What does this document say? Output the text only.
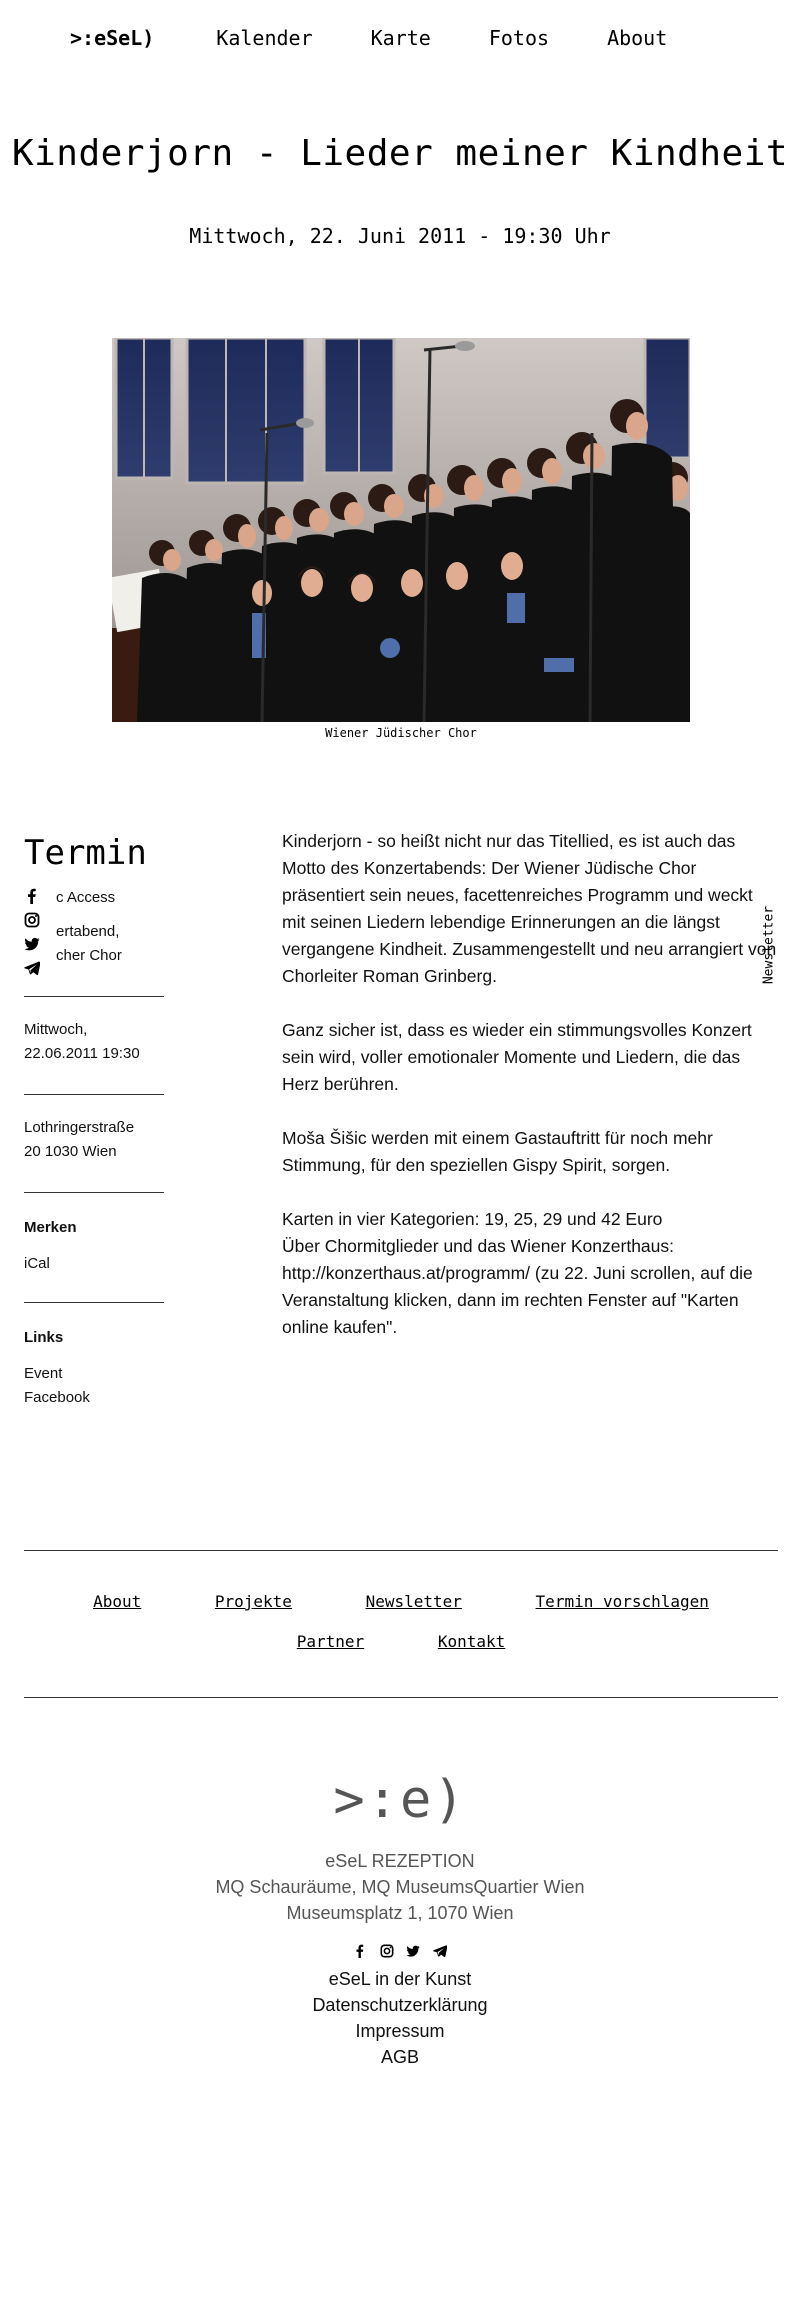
>:eSeL)	Kalender	Karte	Fotos	About
Kinderjorn - Lieder meiner Kindheit
Mittwoch, 22. Juni 2011 - 19:30 Uhr
Wiener Jüdischer Chor
Termin
c Access
ertabend,
cher Chor
Mittwoch,
22.06.2011 19:30
Lothringerstraße
20 1030 Wien
Merken
iCal
Links
Event
Facebook

Kinderjorn - so heißt nicht nur das Titellied, es ist auch das Motto des Konzertabends: Der Wiener Jüdische Chor präsentiert sein neues, facettenreiches Programm und weckt mit seinen Liedern lebendige Erinnerungen an die längst vergangene Kindheit. Zusammengestellt und neu arrangiert von Chorleiter Roman Grinberg.

Ganz sicher ist, dass es wieder ein stimmungsvolles Konzert sein wird, voller emotionaler Momente und Liedern, die das Herz berühren.

Moša Šišic werden mit einem Gastauftritt für noch mehr Stimmung, für den speziellen Gispy Spirit, sorgen.

Karten in vier Kategorien: 19, 25, 29 und 42 Euro
Über Chormitglieder und das Wiener Konzerthaus: http://konzerthaus.at/programm/ (zu 22. Juni scrollen, auf die Veranstaltung klicken, dann im rechten Fenster auf "Karten online kaufen".
Newsletter
About	Projekte	Newsletter	Termin vorschlagen
Partner	Kontakt
>:e)
eSeL REZEPTION
MQ Schauräume, MQ MuseumsQuartier Wien
Museumsplatz 1, 1070 Wien

eSeL in der Kunst
Datenschutzerklärung
Impressum
AGB
